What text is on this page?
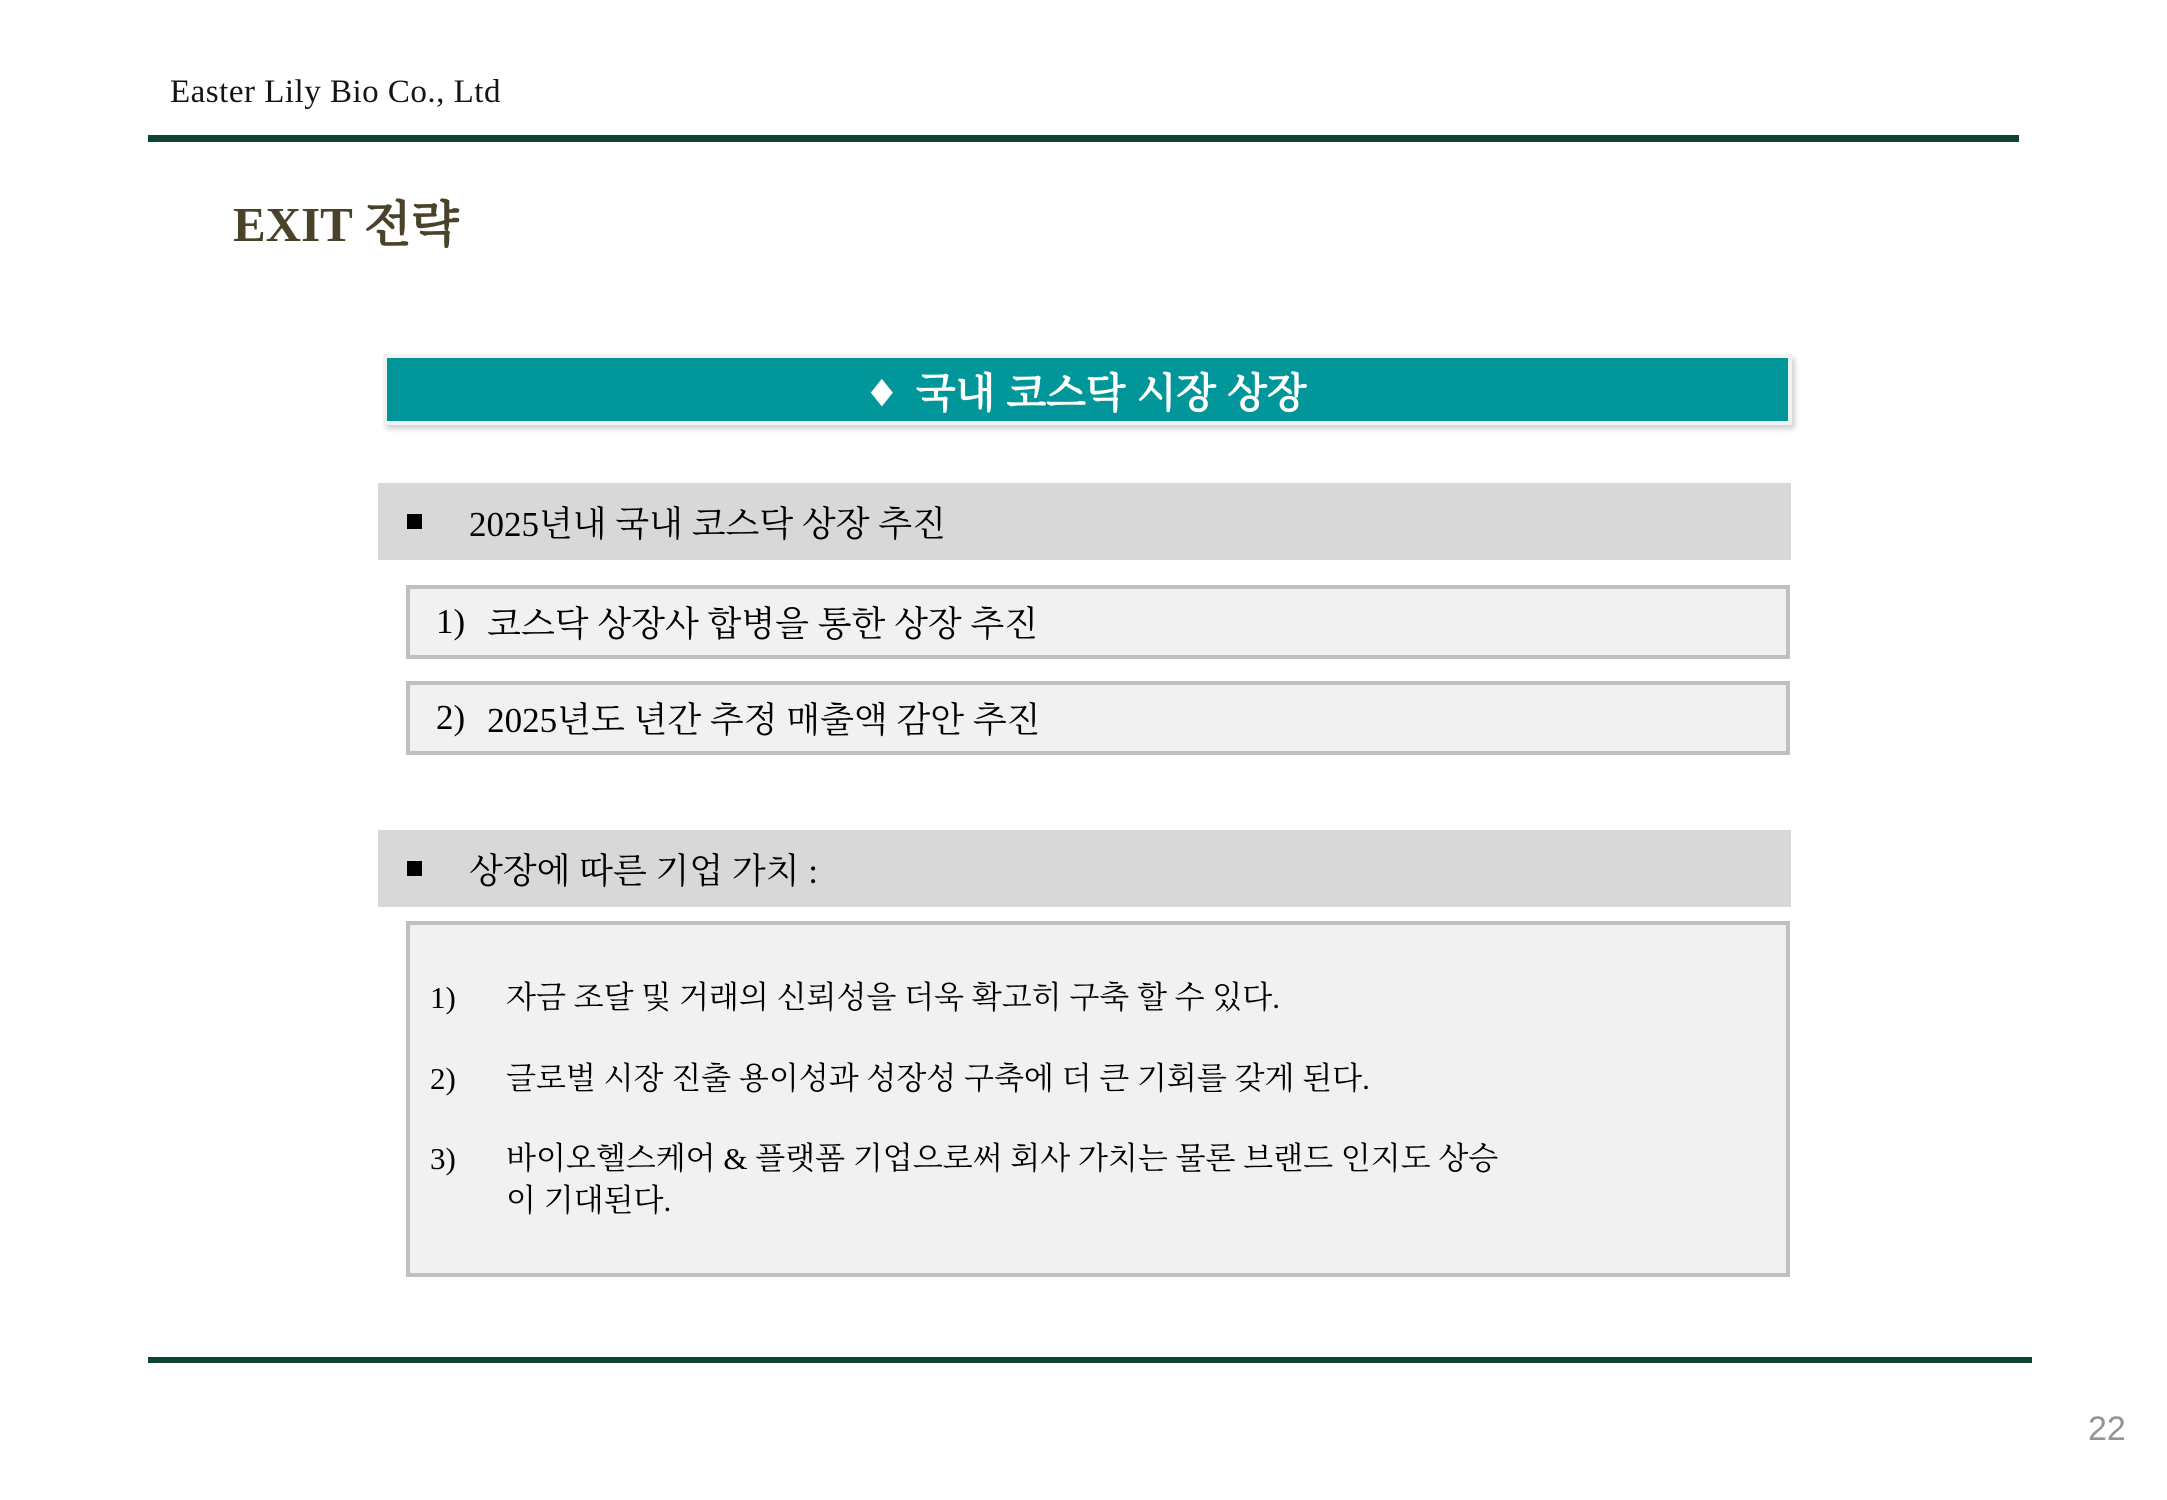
Easter Lily Bio Co., Ltd
EXIT 전략
◆ 국내 코스닥 시장 상장
2025년내 국내 코스닥 상장 추진
1) 코스닥 상장사 합병을 통한 상장 추진
2) 2025년도 년간 추정 매출액 감안 추진
상장에 따른 기업 가치 :
1)	자금 조달 및 거래의 신뢰성을 더욱 확고히 구축 할 수 있다.
2)	글로벌 시장 진출 용이성과 성장성 구축에 더 큰 기회를 갖게 된다.
3)	바이오헬스케어 & 플랫폼 기업으로써 회사 가치는 물론 브랜드 인지도 상승이 기대된다.
22
